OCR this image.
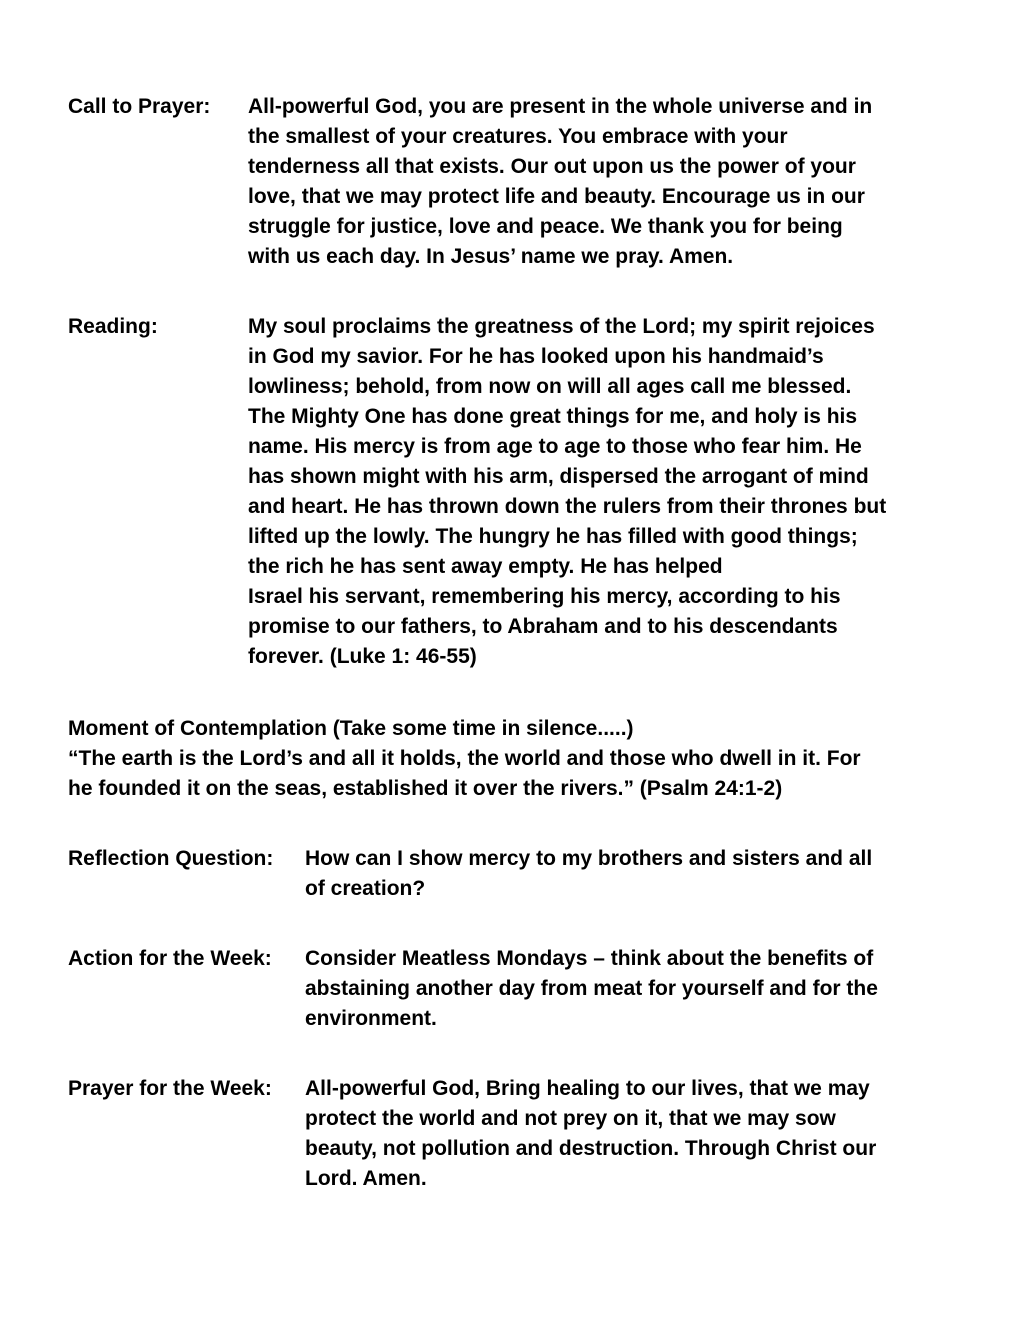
Call to Prayer:	All-powerful God, you are present in the whole universe and in
the smallest of your creatures. You embrace with your
tenderness all that exists. Our out upon us the power of your
love, that we may protect life and beauty. Encourage us in our
struggle for justice, love and peace. We thank you for being
with us each day. In Jesus’ name we pray. Amen.
Reading:	My soul proclaims the greatness of the Lord; my spirit rejoices
in God my savior. For he has looked upon his handmaid’s
lowliness; behold, from now on will all ages call me blessed.
The Mighty One has done great things for me, and holy is his
name. His mercy is from age to age to those who fear him. He
has shown might with his arm, dispersed the arrogant of mind
and heart. He has thrown down the rulers from their thrones but
lifted up the lowly. The hungry he has filled with good things;
the rich he has sent away empty. He has helped
Israel his servant, remembering his mercy, according to his
promise to our fathers, to Abraham and to his descendants
forever. (Luke 1: 46-55)
Moment of Contemplation (Take some time in silence.....)
“The earth is the Lord’s and all it holds, the world and those who dwell in it. For
he founded it on the seas, established it over the rivers.” (Psalm 24:1-2)
Reflection Question:	How can I show mercy to my brothers and sisters and all
of creation?
Action for the Week:	Consider Meatless Mondays – think about the benefits of
abstaining another day from meat for yourself and for the
environment.
Prayer for the Week:	All-powerful God, Bring healing to our lives, that we may
protect the world and not prey on it, that we may sow
beauty, not pollution and destruction. Through Christ our
Lord. Amen.
